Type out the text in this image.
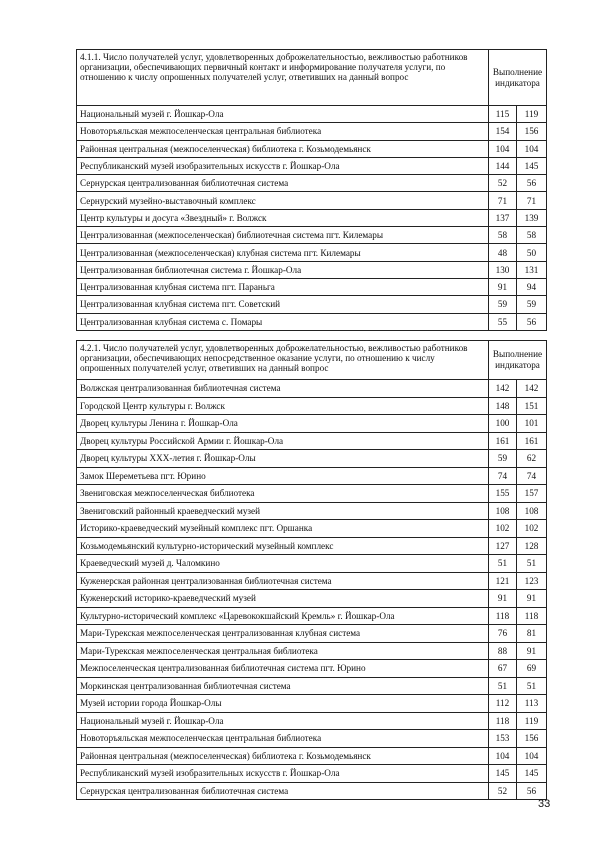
4.1.1. Число получателей услуг, удовлетворенных доброжелательностью, вежливостью работников организации, обеспечивающих первичный контакт и информирование получателя услуги, по отношению к числу опрошенных получателей услуг, ответивших на данный вопрос	Выполнение индикатора	
Национальный музей г. Йошкар-Ола	115	119
Новоторъяльская межпоселенческая центральная библиотека	154	156
Районная центральная (межпоселенческая) библиотека г. Козьмодемьянск	104	104
Республиканский музей изобразительных искусств г. Йошкар-Ола	144	145
Сернурская централизованная библиотечная система	52	56
Сернурский музейно-выставочный комплекс	71	71
Центр культуры и досуга «Звездный» г. Волжск	137	139
Централизованная (межпоселенческая) библиотечная система пгт. Килемары	58	58
Централизованная (межпоселенческая) клубная система пгт. Килемары	48	50
Централизованная библиотечная система г. Йошкар-Ола	130	131
Централизованная клубная система пгт. Параньга	91	94
Централизованная клубная система пгт. Советский	59	59
Централизованная клубная система с. Помары	55	56
4.2.1. Число получателей услуг, удовлетворенных доброжелательностью, вежливостью работников организации, обеспечивающих непосредственное оказание услуги, по отношению к числу опрошенных получателей услуг, ответивших на данный вопрос	Выполнение индикатора	
Волжская централизованная библиотечная система	142	142
Городской Центр культуры г. Волжск	148	151
Дворец культуры Ленина г. Йошкар-Ола	100	101
Дворец культуры Российской Армии г. Йошкар-Ола	161	161
Дворец культуры XXX-летия г. Йошкар-Олы	59	62
Замок Шереметьева пгт. Юрино	74	74
Звениговская межпоселенческая библиотека	155	157
Звениговский районный краеведческий музей	108	108
Историко-краеведческий музейный комплекс пгт. Оршанка	102	102
Козьмодемьянский культурно-исторический музейный комплекс	127	128
Краеведческий музей д. Чаломкино	51	51
Куженерская районная централизованная библиотечная система	121	123
Куженерский историко-краеведческий музей	91	91
Культурно-исторический комплекс «Царевококшайский Кремль» г. Йошкар-Ола	118	118
Мари-Турекская межпоселенческая централизованная клубная система	76	81
Мари-Турекская межпоселенческая центральная библиотека	88	91
Межпоселенческая централизованная библиотечная система пгт. Юрино	67	69
Моркинская централизованная библиотечная система	51	51
Музей истории города Йошкар-Олы	112	113
Национальный музей г. Йошкар-Ола	118	119
Новоторъяльская межпоселенческая центральная библиотека	153	156
Районная центральная (межпоселенческая) библиотека г. Козьмодемьянск	104	104
Республиканский музей изобразительных искусств г. Йошкар-Ола	145	145
Сернурская централизованная библиотечная система	52	56
33
